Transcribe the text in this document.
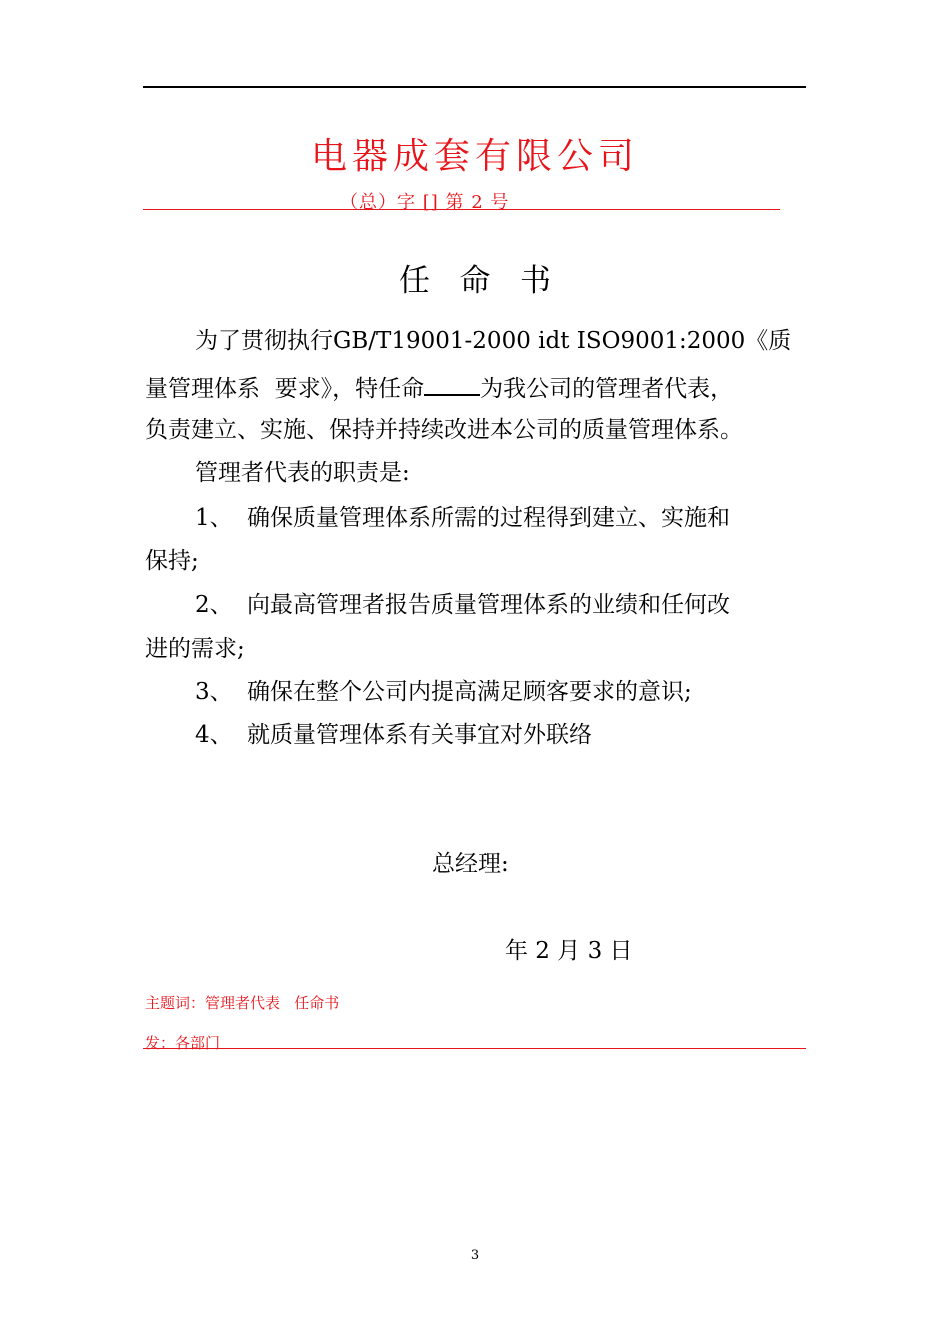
电器成套有限公司
（总）字 [] 第 2 号
任   命   书
为了贯彻执行GB/T19001-2000 idt ISO9001:2000《质
量管理体系  要求》，特任命 为我公司的管理者代表，
负责建立、实施、保持并持续改进本公司的质量管理体系。
管理者代表的职责是:
1、 确保质量管理体系所需的过程得到建立、实施和
保持;
2、 向最高管理者报告质量管理体系的业绩和任何改
进的需求;
3、 确保在整个公司内提高满足顾客要求的意识;
4、 就质量管理体系有关事宜对外联络
总经理:
年 2 月 3 日
主题词：管理者代表   任命书
发：各部门
3
